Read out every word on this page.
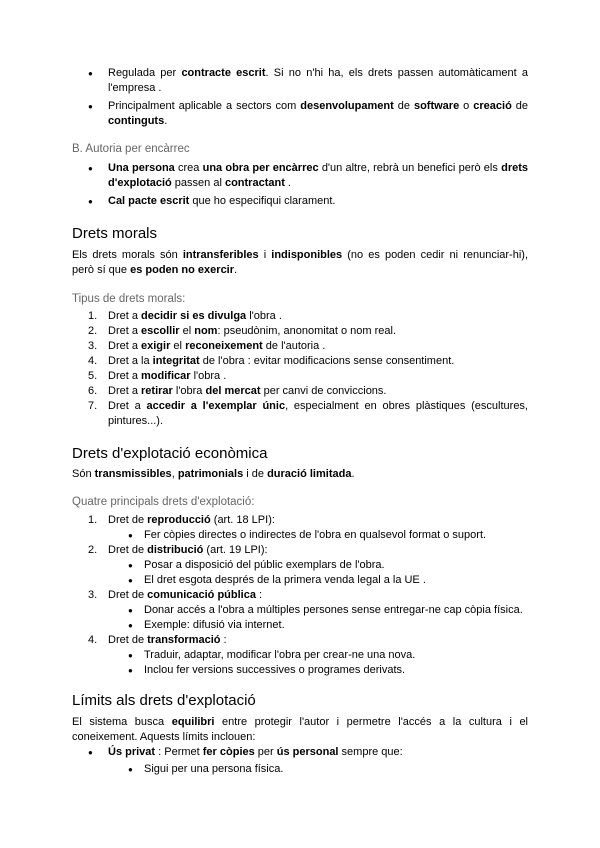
● Regulada per contracte escrit. Si no n'hi ha, els drets passen automàticament a l'empresa .
● Principalment aplicable a sectors com desenvolupament de software o creació de continguts.
B. Autoria per encàrrec
● Una persona crea una obra per encàrrec d'un altre, rebrà un benefici però els drets d'explotació passen al contractant .
● Cal pacte escrit que ho especifiqui clarament.
Drets morals

Els drets morals són intransferibles i indisponibles (no es poden cedir ni renunciar-hi), però sí que es poden no exercir.

Tipus de drets morals:
1. Dret a decidir si es divulga l'obra .
2. Dret a escollir el nom: pseudònim, anonomitat o nom real.
3. Dret a exigir el reconeixement de l'autoria .
4. Dret a la integritat de l'obra : evitar modificacions sense consentiment.
5. Dret a modificar l'obra .
6. Dret a retirar l'obra del mercat per canvi de conviccions.
7. Dret a accedir a l'exemplar únic, especialment en obres plàstiques (escultures, pintures...).
Drets d'explotació econòmica

Són transmissibles, patrimonials i de duració limitada.

Quatre principals drets d'explotació:
1. Dret de reproducció (art. 18 LPI):
● Fer còpies directes o indirectes de l'obra en qualsevol format o suport.
2. Dret de distribució (art. 19 LPI):
● Posar a disposició del públic exemplars de l'obra.
● El dret esgota després de la primera venda legal a la UE .
3. Dret de comunicació pública :
● Donar accés a l'obra a múltiples persones sense entregar-ne cap còpia física.
● Exemple: difusió via internet.
4. Dret de transformació :
● Traduir, adaptar, modificar l'obra per crear-ne una nova.
● Inclou fer versions successives o programes derivats.
Límits als drets d'explotació

El sistema busca equilibri entre protegir l'autor i permetre l'accés a la cultura i el coneixement. Aquests límits inclouen:

● Ús privat : Permet fer còpies per ús personal sempre que:
● Sigui per una persona física.
